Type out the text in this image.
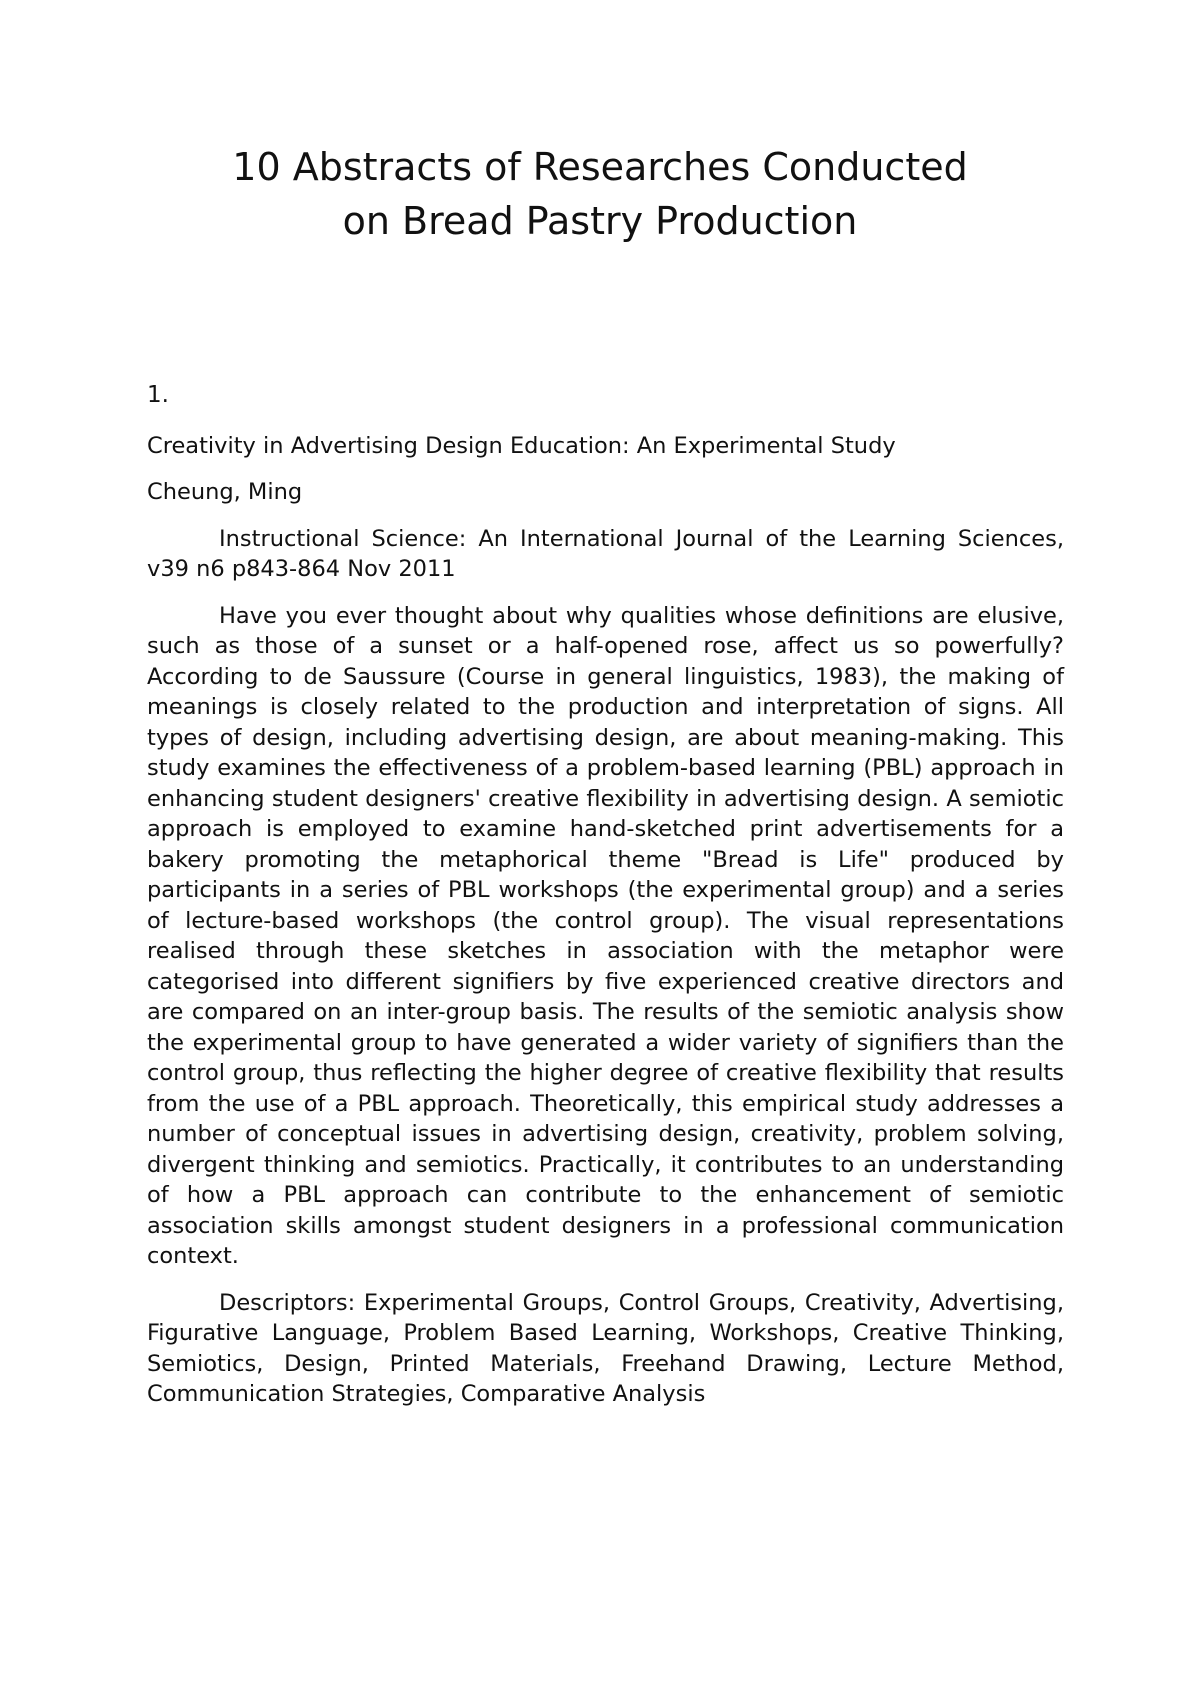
10 Abstracts of Researches Conducted
on Bread Pastry Production

1.

Creativity in Advertising Design Education: An Experimental Study

Cheung, Ming

Instructional Science: An International Journal of the Learning Sciences, v39 n6 p843-864 Nov 2011

Have you ever thought about why qualities whose definitions are elusive, such as those of a sunset or a half-opened rose, affect us so powerfully? According to de Saussure (Course in general linguistics, 1983), the making of meanings is closely related to the production and interpretation of signs. All types of design, including advertising design, are about meaning-making. This study examines the effectiveness of a problem-based learning (PBL) approach in enhancing student designers' creative flexibility in advertising design. A semiotic approach is employed to examine hand-sketched print advertisements for a bakery promoting the metaphorical theme "Bread is Life" produced by participants in a series of PBL workshops (the experimental group) and a series of lecture-based workshops (the control group). The visual representations realised through these sketches in association with the metaphor were categorised into different signifiers by five experienced creative directors and are compared on an inter-group basis. The results of the semiotic analysis show the experimental group to have generated a wider variety of signifiers than the control group, thus reflecting the higher degree of creative flexibility that results from the use of a PBL approach. Theoretically, this empirical study addresses a number of conceptual issues in advertising design, creativity, problem solving, divergent thinking and semiotics. Practically, it contributes to an understanding of how a PBL approach can contribute to the enhancement of semiotic association skills amongst student designers in a professional communication context.

Descriptors: Experimental Groups, Control Groups, Creativity, Advertising, Figurative Language, Problem Based Learning, Workshops, Creative Thinking, Semiotics, Design, Printed Materials, Freehand Drawing, Lecture Method, Communication Strategies, Comparative Analysis
